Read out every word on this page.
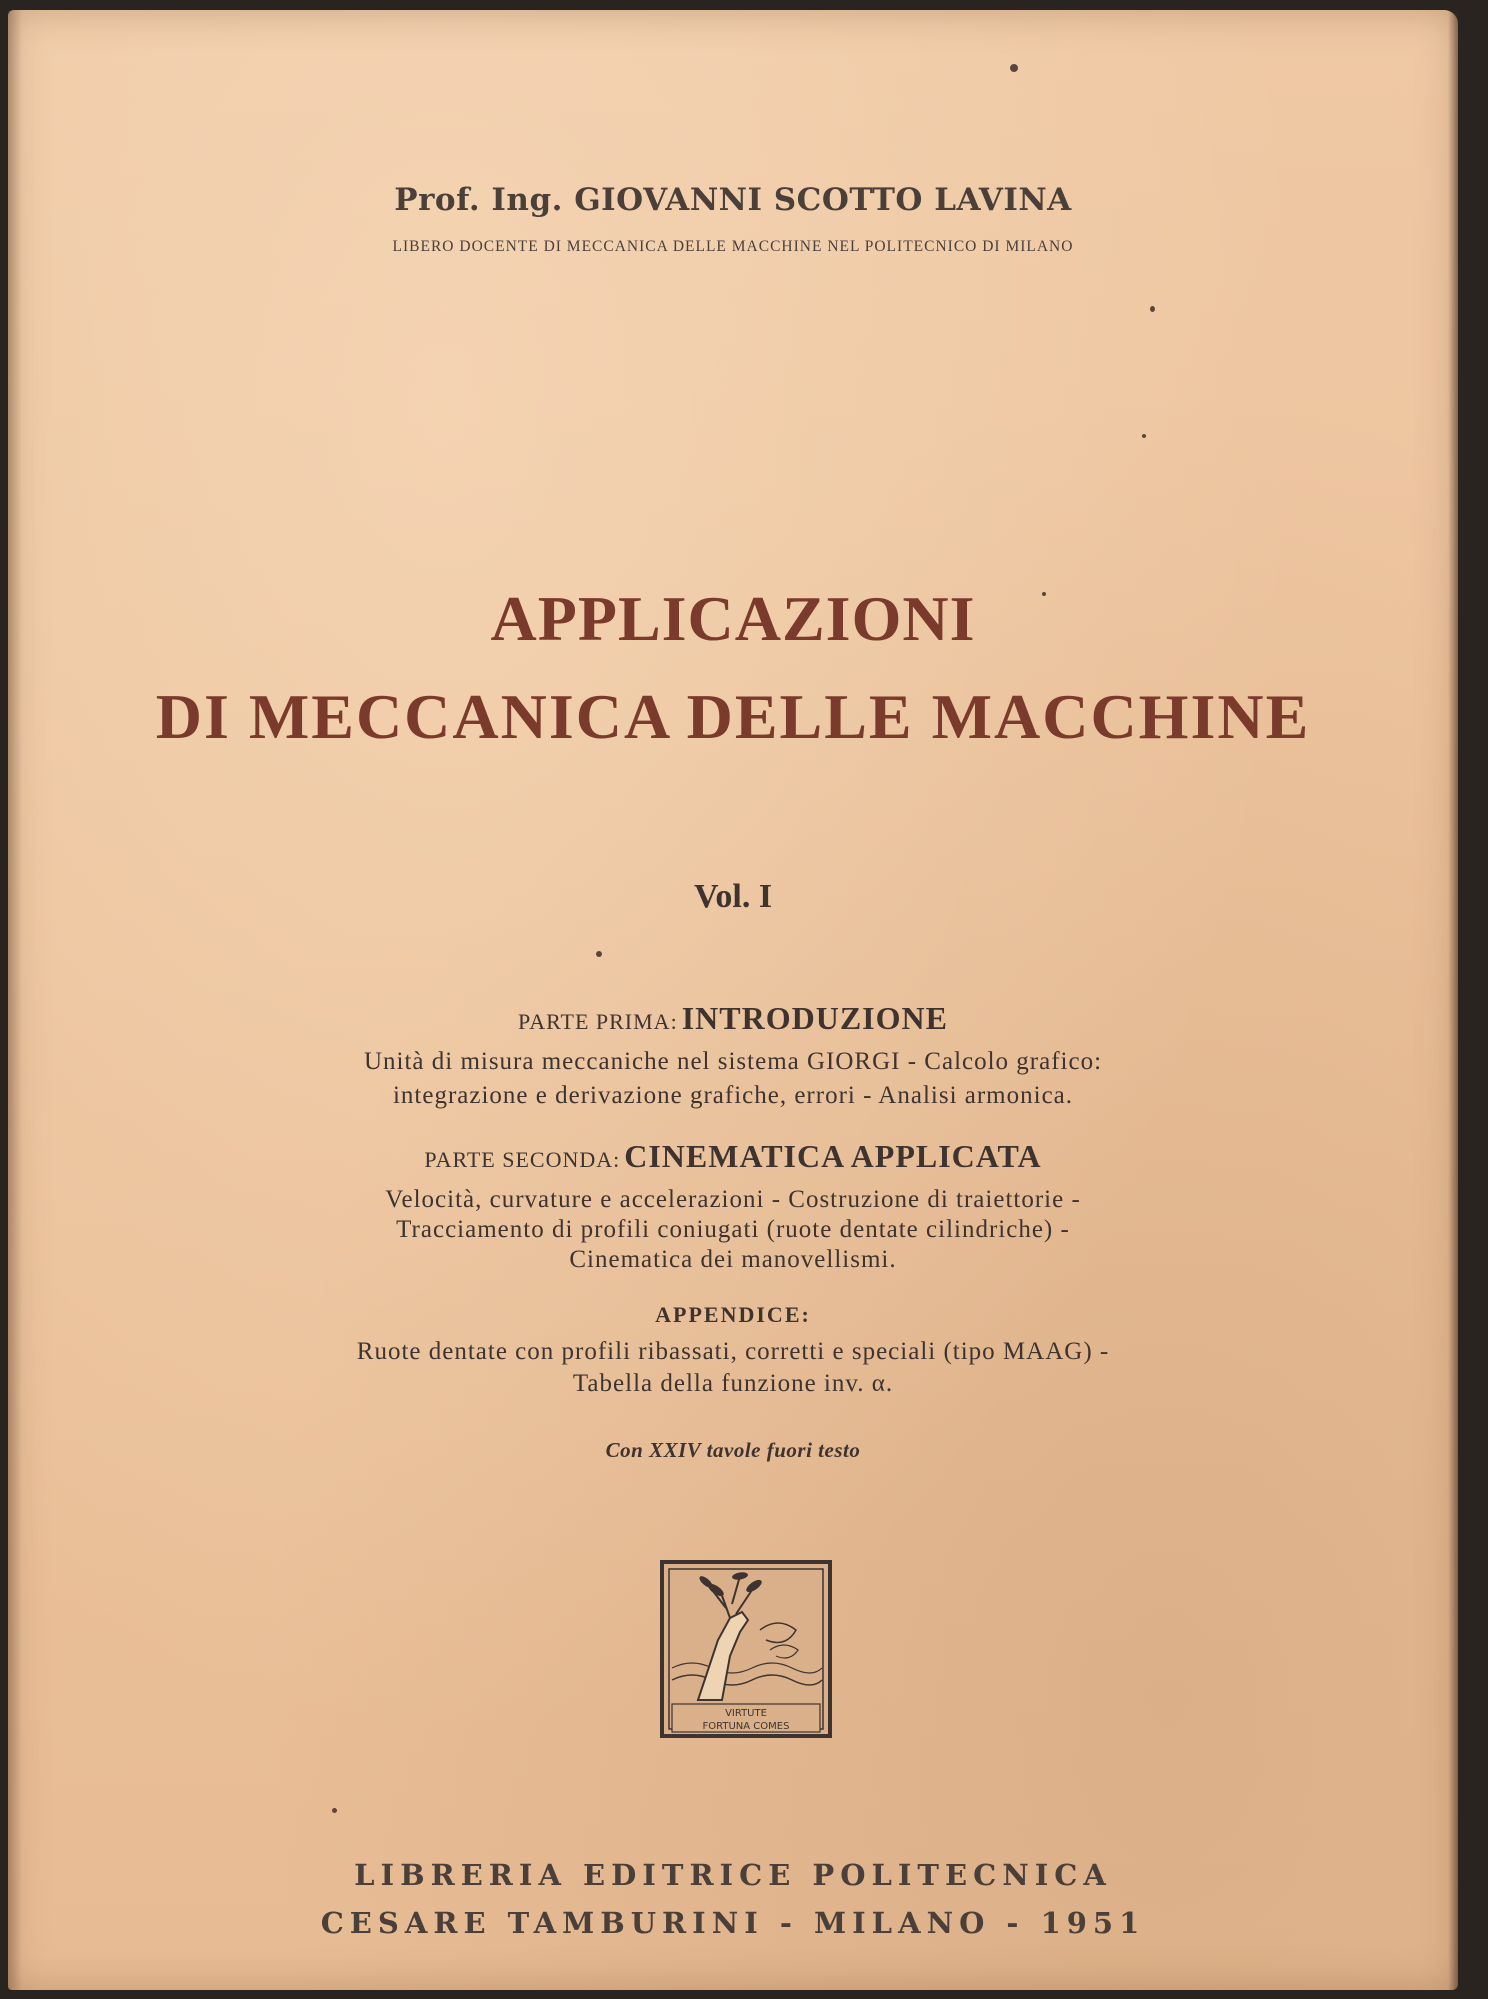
Prof. Ing. GIOVANNI SCOTTO LAVINA
LIBERO DOCENTE DI MECCANICA DELLE MACCHINE NEL POLITECNICO DI MILANO
APPLICAZIONI
DI MECCANICA DELLE MACCHINE
Vol. I
PARTE PRIMA: INTRODUZIONE
Unità di misura meccaniche nel sistema GIORGI - Calcolo grafico:
integrazione e derivazione grafiche, errori - Analisi armonica.
PARTE SECONDA: CINEMATICA APPLICATA
Velocità, curvature e accelerazioni - Costruzione di traiettorie -
Tracciamento di profili coniugati (ruote dentate cilindriche) -
Cinematica dei manovellismi.
APPENDICE:
Ruote dentate con profili ribassati, corretti e speciali (tipo MAAG) -
Tabella della funzione inv. α.
Con XXIV tavole fuori testo
VIRTUTE
FORTUNA COMES
LIBRERIA EDITRICE POLITECNICA
CESARE TAMBURINI - MILANO - 1951
